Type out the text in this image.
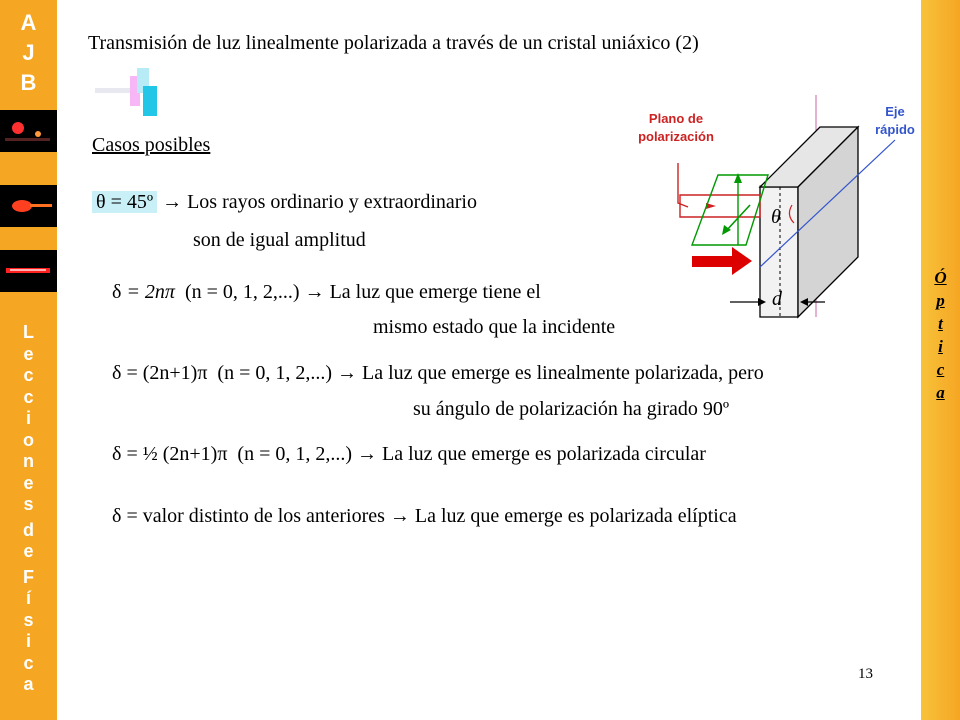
A
J
B
L
e
c
c
i
o
n
e
s
d
e
F
í
s
i
c
a
Ó
p
t
i
c
a
Transmisión de luz linealmente polarizada a través de un cristal uniáxico (2)
Casos posibles
θ = 45º → Los rayos ordinario y extraordinario
son de igual amplitud
δ = 2nπ (n = 0, 1, 2,...) → La luz que emerge tiene el
mismo estado que la incidente
δ = (2n+1)π (n = 0, 1, 2,...) → La luz que emerge es linealmente polarizada, pero
su ángulo de polarización ha girado 90º
δ = ½ (2n+1)π (n = 0, 1, 2,...) → La luz que emerge es polarizada circular
δ = valor distinto de los anteriores → La luz que emerge es polarizada elíptica
Plano de
polarización
Eje
rápido
θ
d
13
